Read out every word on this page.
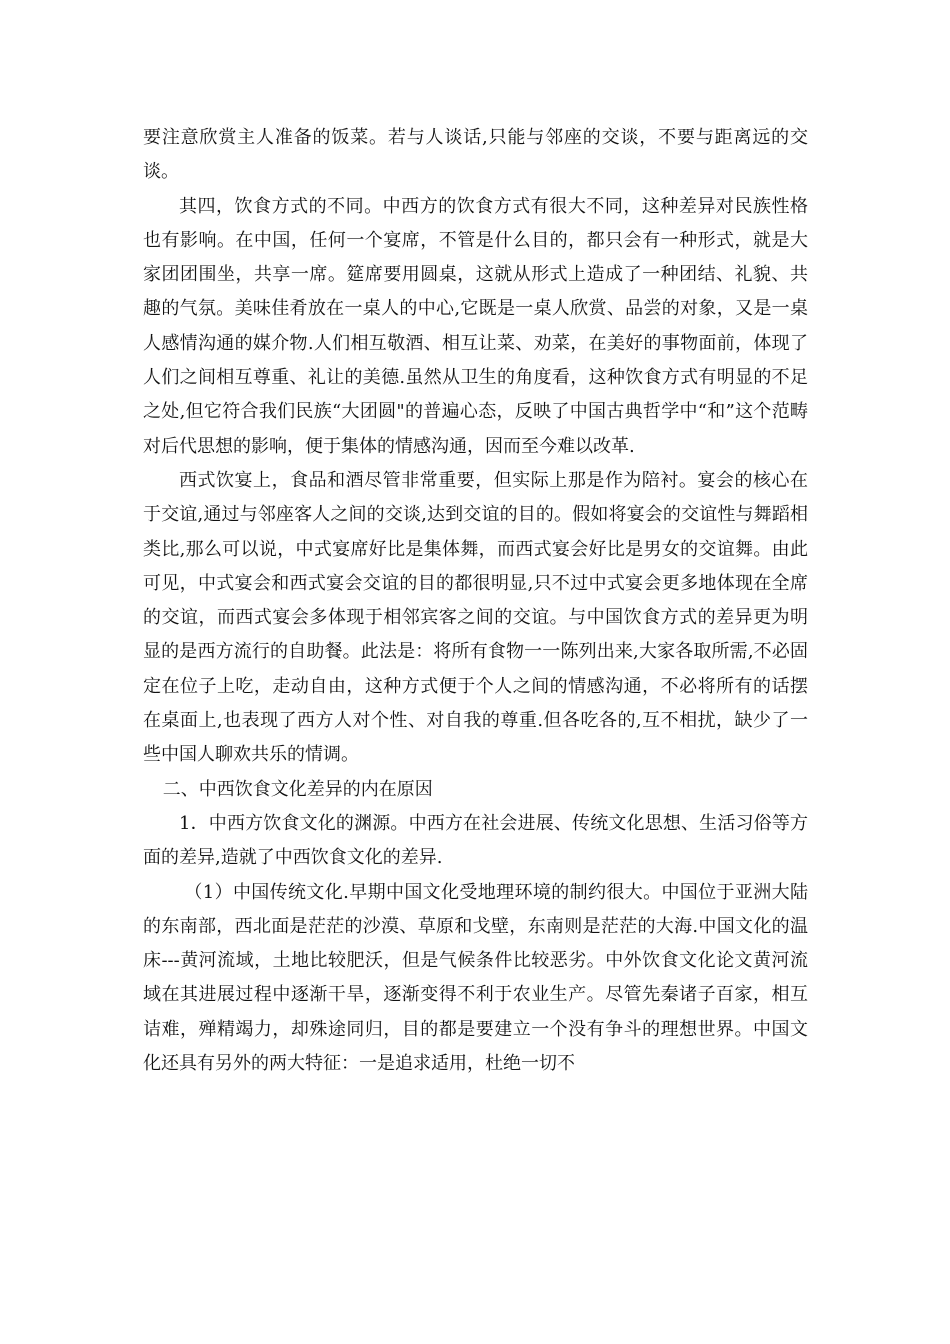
要注意欣赏主人准备的饭菜。若与人谈话,只能与邻座的交谈，不要与距离远的交谈。

其四，饮食方式的不同。中西方的饮食方式有很大不同，这种差异对民族性格也有影响。在中国，任何一个宴席，不管是什么目的，都只会有一种形式，就是大家团团围坐，共享一席。筵席要用圆桌，这就从形式上造成了一种团结、礼貌、共趣的气氛。美味佳肴放在一桌人的中心,它既是一桌人欣赏、品尝的对象，又是一桌人感情沟通的媒介物.人们相互敬酒、相互让菜、劝菜，在美好的事物面前，体现了人们之间相互尊重、礼让的美德.虽然从卫生的角度看，这种饮食方式有明显的不足之处,但它符合我们民族“大团圆"的普遍心态，反映了中国古典哲学中“和”这个范畴对后代思想的影响，便于集体的情感沟通，因而至今难以改革.

西式饮宴上，食品和酒尽管非常重要，但实际上那是作为陪衬。宴会的核心在于交谊,通过与邻座客人之间的交谈,达到交谊的目的。假如将宴会的交谊性与舞蹈相类比,那么可以说，中式宴席好比是集体舞，而西式宴会好比是男女的交谊舞。由此可见，中式宴会和西式宴会交谊的目的都很明显,只不过中式宴会更多地体现在全席的交谊，而西式宴会多体现于相邻宾客之间的交谊。与中国饮食方式的差异更为明显的是西方流行的自助餐。此法是：将所有食物一一陈列出来,大家各取所需,不必固定在位子上吃，走动自由，这种方式便于个人之间的情感沟通，不必将所有的话摆在桌面上,也表现了西方人对个性、对自我的尊重.但各吃各的,互不相扰，缺少了一些中国人聊欢共乐的情调。

二、中西饮食文化差异的内在原因

1．中西方饮食文化的渊源。中西方在社会进展、传统文化思想、生活习俗等方面的差异,造就了中西饮食文化的差异.

（1）中国传统文化.早期中国文化受地理环境的制约很大。中国位于亚洲大陆的东南部，西北面是茫茫的沙漠、草原和戈壁，东南则是茫茫的大海.中国文化的温床---黄河流域，土地比较肥沃，但是气候条件比较恶劣。中外饮食文化论文黄河流域在其进展过程中逐渐干旱，逐渐变得不利于农业生产。尽管先秦诸子百家，相互诘难，殚精竭力，却殊途同归，目的都是要建立一个没有争斗的理想世界。中国文化还具有另外的两大特征：一是追求适用，杜绝一切不
